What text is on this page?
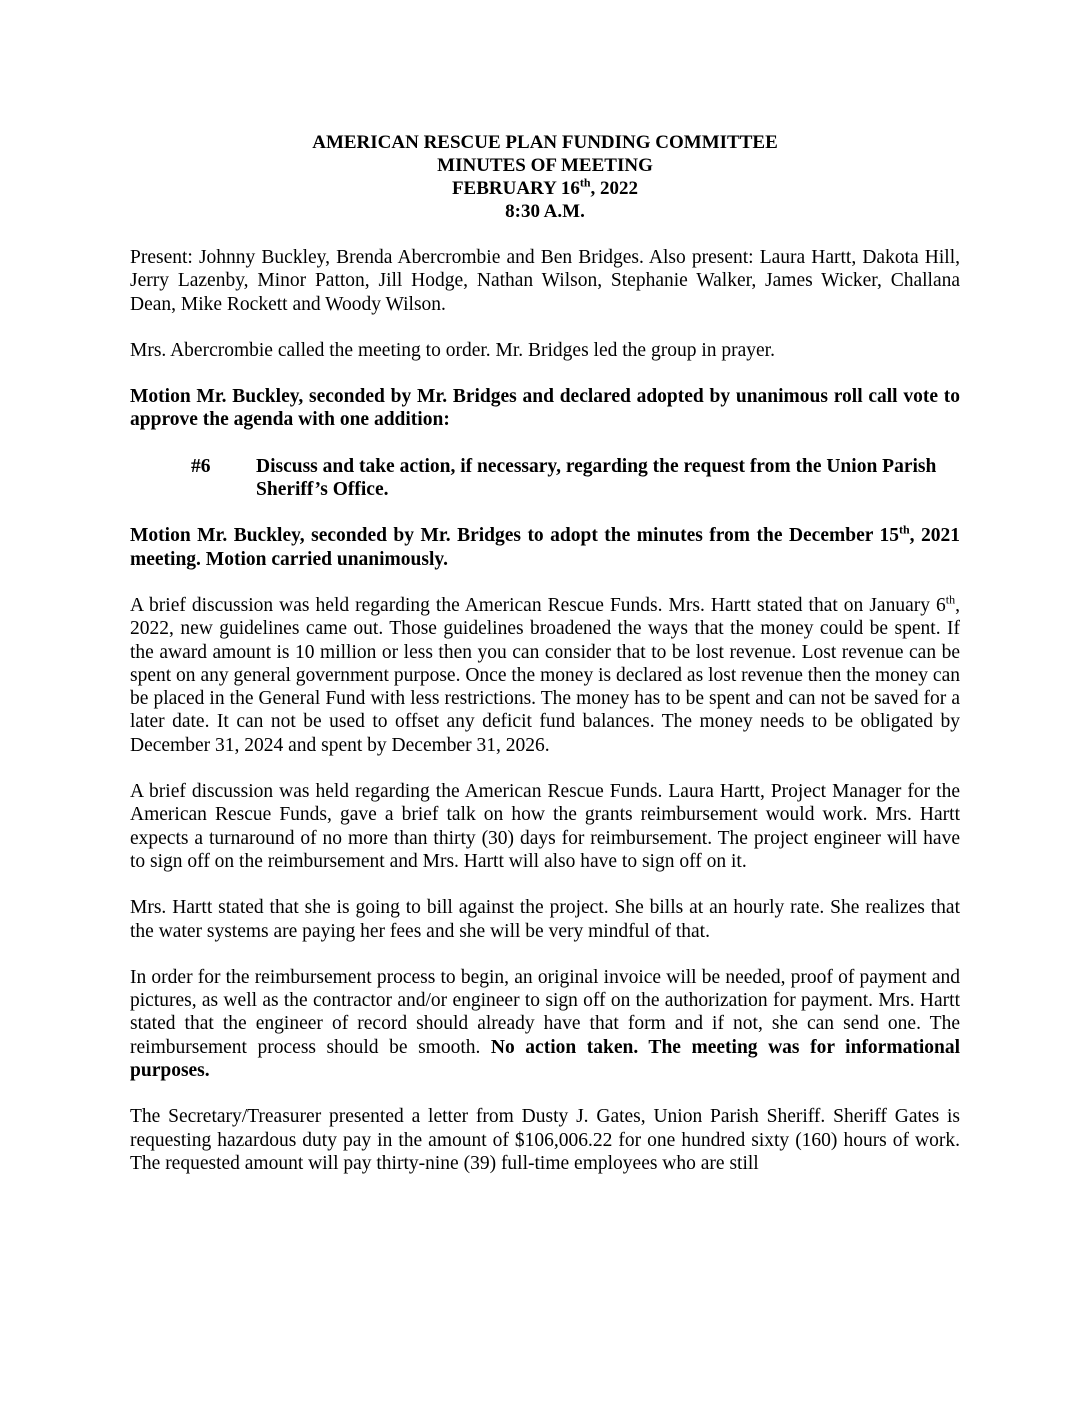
AMERICAN RESCUE PLAN FUNDING COMMITTEE
MINUTES OF MEETING
FEBRUARY 16th, 2022
8:30 A.M.

Present: Johnny Buckley, Brenda Abercrombie and Ben Bridges. Also present: Laura Hartt, Dakota Hill, Jerry Lazenby, Minor Patton, Jill Hodge, Nathan Wilson, Stephanie Walker, James Wicker, Challana Dean, Mike Rockett and Woody Wilson.

Mrs. Abercrombie called the meeting to order. Mr. Bridges led the group in prayer.

Motion Mr. Buckley, seconded by Mr. Bridges and declared adopted by unanimous roll call vote to approve the agenda with one addition:

#6	Discuss and take action, if necessary, regarding the request from the Union Parish Sheriff’s Office.

Motion Mr. Buckley, seconded by Mr. Bridges to adopt the minutes from the December 15th, 2021 meeting. Motion carried unanimously.

A brief discussion was held regarding the American Rescue Funds. Mrs. Hartt stated that on January 6th, 2022, new guidelines came out. Those guidelines broadened the ways that the money could be spent. If the award amount is 10 million or less then you can consider that to be lost revenue. Lost revenue can be spent on any general government purpose. Once the money is declared as lost revenue then the money can be placed in the General Fund with less restrictions. The money has to be spent and can not be saved for a later date. It can not be used to offset any deficit fund balances. The money needs to be obligated by December 31, 2024 and spent by December 31, 2026.

A brief discussion was held regarding the American Rescue Funds. Laura Hartt, Project Manager for the American Rescue Funds, gave a brief talk on how the grants reimbursement would work. Mrs. Hartt expects a turnaround of no more than thirty (30) days for reimbursement. The project engineer will have to sign off on the reimbursement and Mrs. Hartt will also have to sign off on it.

Mrs. Hartt stated that she is going to bill against the project. She bills at an hourly rate. She realizes that the water systems are paying her fees and she will be very mindful of that.

In order for the reimbursement process to begin, an original invoice will be needed, proof of payment and pictures, as well as the contractor and/or engineer to sign off on the authorization for payment. Mrs. Hartt stated that the engineer of record should already have that form and if not, she can send one. The reimbursement process should be smooth. No action taken. The meeting was for informational purposes.

The Secretary/Treasurer presented a letter from Dusty J. Gates, Union Parish Sheriff. Sheriff Gates is requesting hazardous duty pay in the amount of $106,006.22 for one hundred sixty (160) hours of work. The requested amount will pay thirty-nine (39) full-time employees who are still
